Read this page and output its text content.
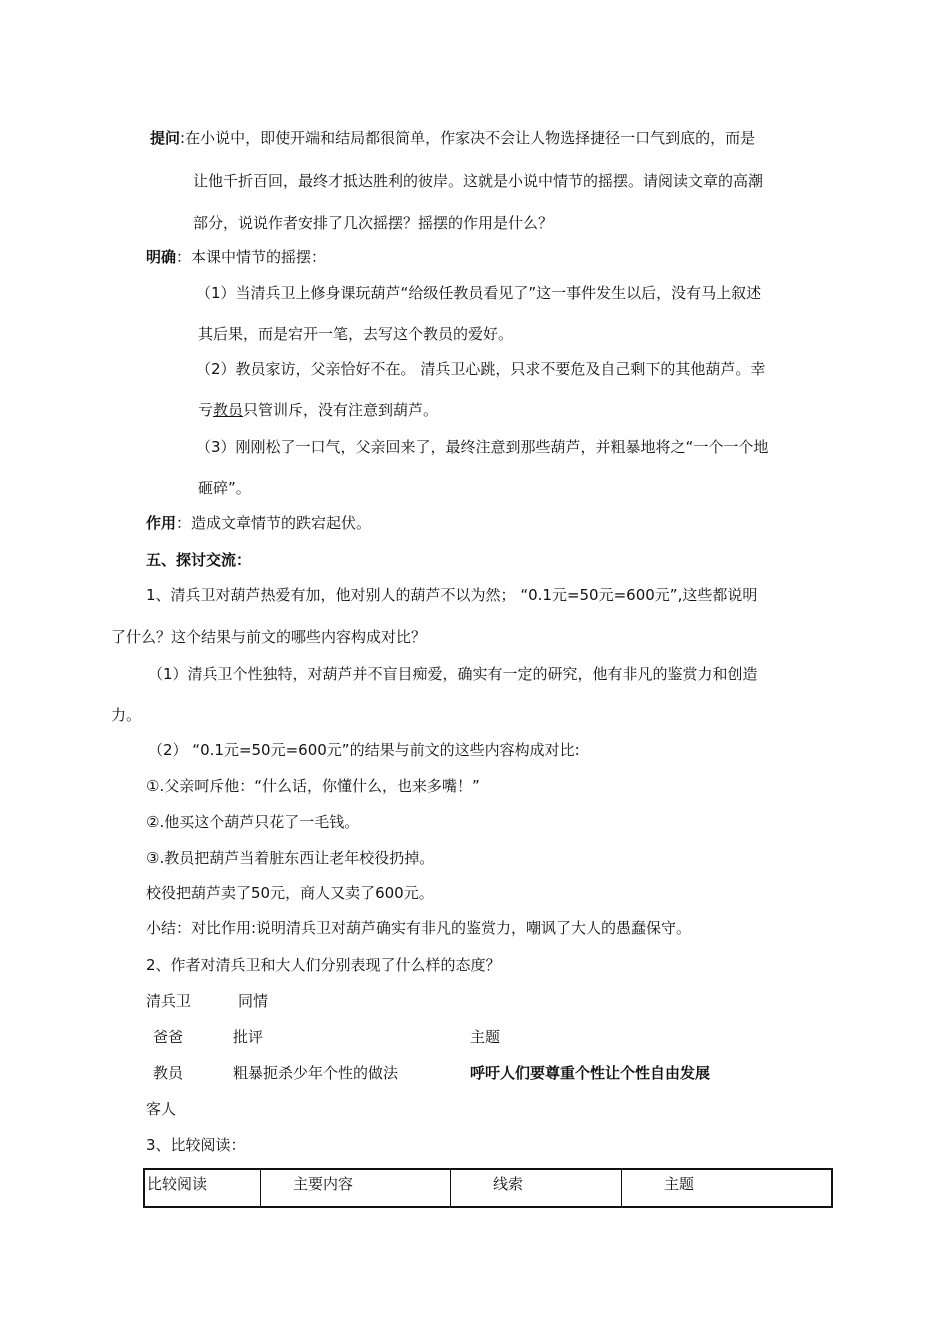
提问:在小说中，即使开端和结局都很简单，作家决不会让人物选择捷径一口气到底的，而是
让他千折百回，最终才抵达胜利的彼岸。这就是小说中情节的摇摆。请阅读文章的高潮
部分，说说作者安排了几次摇摆？摇摆的作用是什么？
明确：本课中情节的摇摆：
（1）当清兵卫上修身课玩葫芦“给级任教员看见了”这一事件发生以后，没有马上叙述
其后果，而是宕开一笔，去写这个教员的爱好。
（2）教员家访，父亲恰好不在。 清兵卫心跳，只求不要危及自己剩下的其他葫芦。幸
亏教员只管训斥，没有注意到葫芦。
（3）刚刚松了一口气，父亲回来了，最终注意到那些葫芦，并粗暴地将之“一个一个地
砸碎”。
作用：造成文章情节的跌宕起伏。
五、探讨交流：
1、清兵卫对葫芦热爱有加，他对别人的葫芦不以为然； “0.1元=50元=600元”,这些都说明
了什么？这个结果与前文的哪些内容构成对比？
（1）清兵卫个性独特，对葫芦并不盲目痴爱，确实有一定的研究，他有非凡的鉴赏力和创造
力。
（2） “0.1元=50元=600元”的结果与前文的这些内容构成对比:
①.父亲呵斥他：“什么话，你懂什么，也来多嘴！”
②.他买这个葫芦只花了一毛钱。
③.教员把葫芦当着脏东西让老年校役扔掉。
校役把葫芦卖了50元，商人又卖了600元。
小结：对比作用:说明清兵卫对葫芦确实有非凡的鉴赏力，嘲讽了大人的愚蠢保守。
2、作者对清兵卫和大人们分别表现了什么样的态度？
清兵卫	同情
爸爸	批评	主题
教员	粗暴扼杀少年个性的做法	呼吁人们要尊重个性让个性自由发展
客人
3、比较阅读：
比较阅读	主要内容	线索	主题
